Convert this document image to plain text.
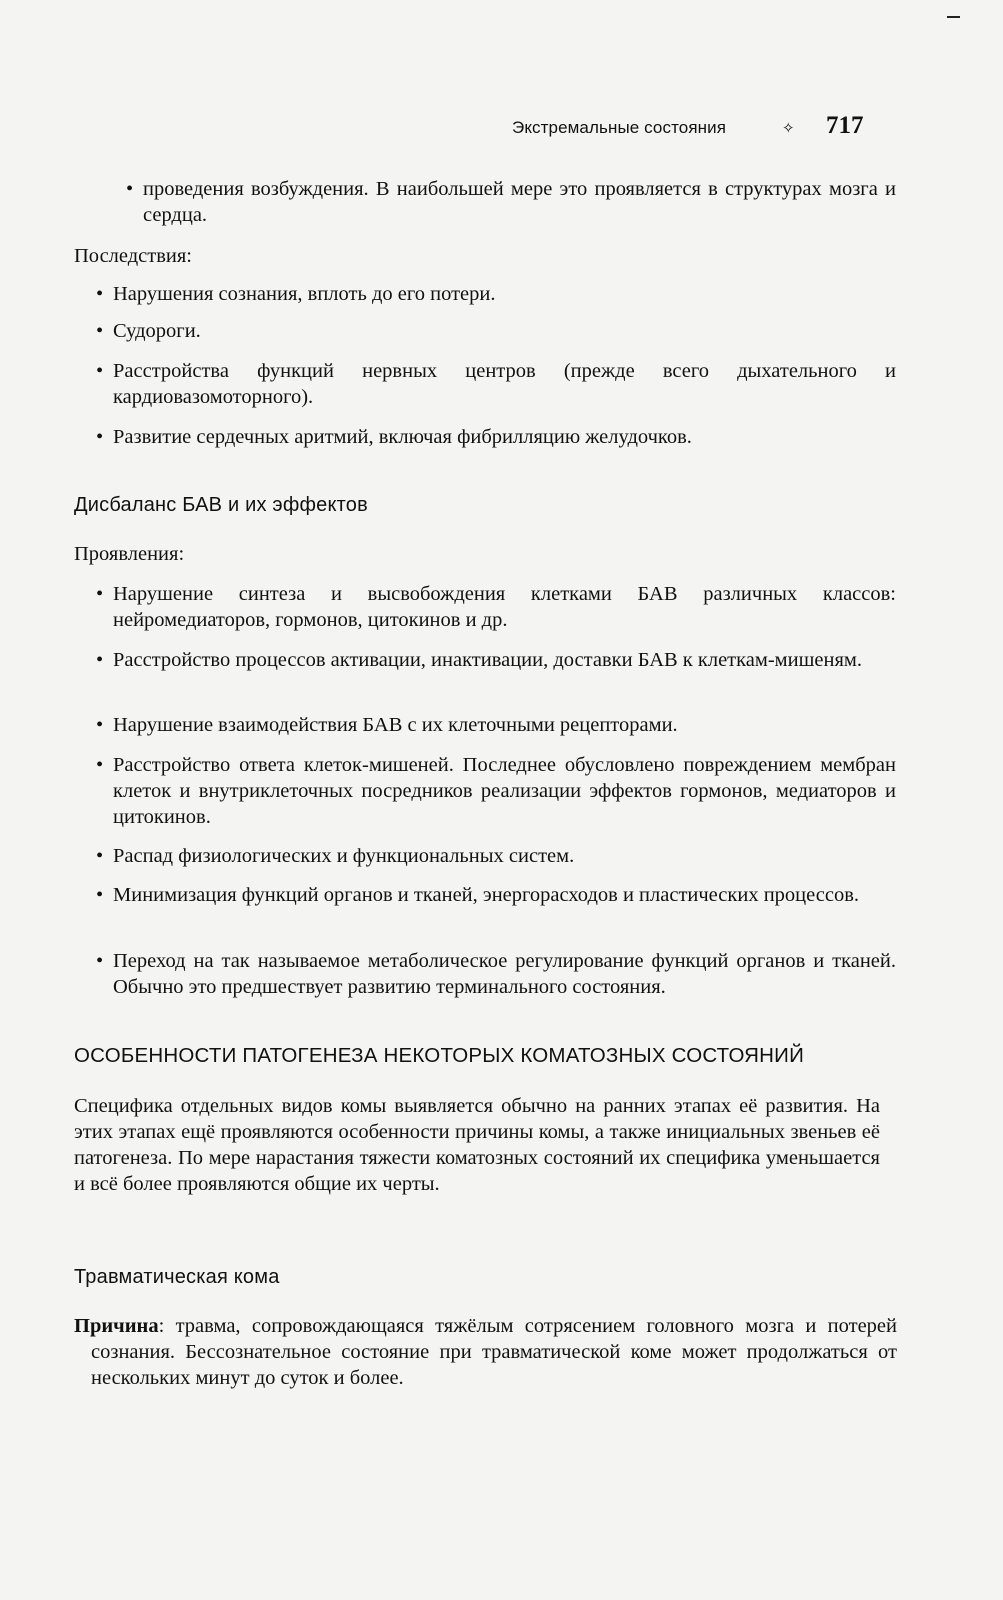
Экстремальные состояния	✧ 717
• проведения возбуждения. В наибольшей мере это проявляется в структурах мозга и сердца.
Последствия:
• Нарушения сознания, вплоть до его потери.
• Судороги.
• Расстройства функций нервных центров (прежде всего дыхательного и кардиовазомоторного).
• Развитие сердечных аритмий, включая фибрилляцию желудочков.
Дисбаланс БАВ и их эффектов
Проявления:
• Нарушение синтеза и высвобождения клетками БАВ различных классов: нейромедиаторов, гормонов, цитокинов и др.
• Расстройство процессов активации, инактивации, доставки БАВ к клеткам-мишеням.
• Нарушение взаимодействия БАВ с их клеточными рецепторами.
• Расстройство ответа клеток-мишеней. Последнее обусловлено повреждением мембран клеток и внутриклеточных посредников реализации эффектов гормонов, медиаторов и цитокинов.
• Распад физиологических и функциональных систем.
• Минимизация функций органов и тканей, энергорасходов и пластических процессов.
• Переход на так называемое метаболическое регулирование функций органов и тканей. Обычно это предшествует развитию терминального состояния.
ОСОБЕННОСТИ ПАТОГЕНЕЗА НЕКОТОРЫХ КОМАТОЗНЫХ СОСТОЯНИЙ
Специфика отдельных видов комы выявляется обычно на ранних этапах её развития. На этих этапах ещё проявляются особенности причины комы, а также инициальных звеньев её патогенеза. По мере нарастания тяжести коматозных состояний их специфика уменьшается и всё более проявляются общие их черты.
Травматическая кома
Причина: травма, сопровождающаяся тяжёлым сотрясением головного мозга и потерей сознания. Бессознательное состояние при травматической коме может продолжаться от нескольких минут до суток и более.
